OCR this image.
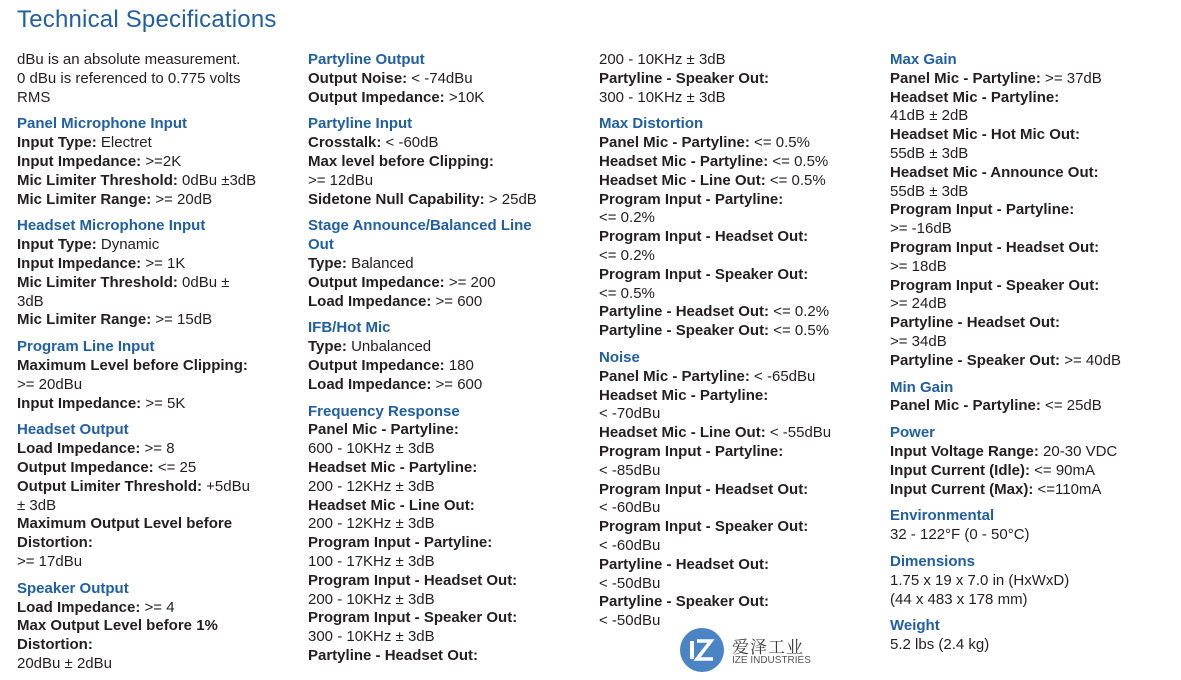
Technical Specifications

dBu is an absolute measurement.

0 dBu is referenced to 0.775 volts

RMS

Panel Microphone Input

Input Type: Electret

Input Impedance: >=2K

Mic Limiter Threshold: 0dBu ±3dB

Mic Limiter Range: >= 20dB

Headset Microphone Input

Input Type: Dynamic

Input Impedance: >= 1K

Mic Limiter Threshold: 0dBu ±

3dB

Mic Limiter Range: >= 15dB

Program Line Input

Maximum Level before Clipping:

>= 20dBu

Input Impedance: >= 5K

Headset Output

Load Impedance: >= 8

Output Impedance: <= 25

Output Limiter Threshold: +5dBu

± 3dB

Maximum Output Level before

Distortion:

>= 17dBu

Speaker Output

Load Impedance: >= 4

Max Output Level before 1%

Distortion:

20dBu ± 2dBu

Partyline Output

Output Noise: < -74dBu

Output Impedance: >10K

Partyline Input

Crosstalk: < -60dB

Max level before Clipping:

>= 12dBu

Sidetone Null Capability: > 25dB

Stage Announce/Balanced Line

Out

Type: Balanced

Output Impedance: >= 200

Load Impedance: >= 600

IFB/Hot Mic

Type: Unbalanced

Output Impedance: 180

Load Impedance: >= 600

Frequency Response

Panel Mic - Partyline:

600 - 10KHz ± 3dB

Headset Mic - Partyline:

200 - 12KHz ± 3dB

Headset Mic - Line Out:

200 - 12KHz ± 3dB

Program Input - Partyline:

100 - 17KHz ± 3dB

Program Input - Headset Out:

200 - 10KHz ± 3dB

Program Input - Speaker Out:

300 - 10KHz ± 3dB

Partyline - Headset Out:

200 - 10KHz ± 3dB

Partyline - Speaker Out:

300 - 10KHz ± 3dB

Max Distortion

Panel Mic - Partyline: <= 0.5%

Headset Mic - Partyline: <= 0.5%

Headset Mic - Line Out: <= 0.5%

Program Input - Partyline:

<= 0.2%

Program Input - Headset Out:

<= 0.2%

Program Input - Speaker Out:

<= 0.5%

Partyline - Headset Out: <= 0.2%

Partyline - Speaker Out: <= 0.5%

Noise

Panel Mic - Partyline: < -65dBu

Headset Mic - Partyline:

< -70dBu

Headset Mic - Line Out: < -55dBu

Program Input - Partyline:

< -85dBu

Program Input - Headset Out:

< -60dBu

Program Input - Speaker Out:

< -60dBu

Partyline - Headset Out:

< -50dBu

Partyline - Speaker Out:

< -50dBu

Max Gain

Panel Mic - Partyline: >= 37dB

Headset Mic - Partyline:

41dB ± 2dB

Headset Mic - Hot Mic Out:

55dB ± 3dB

Headset Mic - Announce Out:

55dB ± 3dB

Program Input - Partyline:

>= -16dB

Program Input - Headset Out:

>= 18dB

Program Input - Speaker Out:

>= 24dB

Partyline - Headset Out:

>= 34dB

Partyline - Speaker Out: >= 40dB

Min Gain

Panel Mic - Partyline: <= 25dB

Power

Input Voltage Range: 20-30 VDC

Input Current (Idle): <= 90mA

Input Current (Max): <=110mA

Environmental

32 - 122°F (0 - 50°C)

Dimensions

1.75 x 19 x 7.0 in (HxWxD)

(44 x 483 x 178 mm)

Weight

5.2 lbs (2.4 kg)

爱泽工业
IZE INDUSTRIES
